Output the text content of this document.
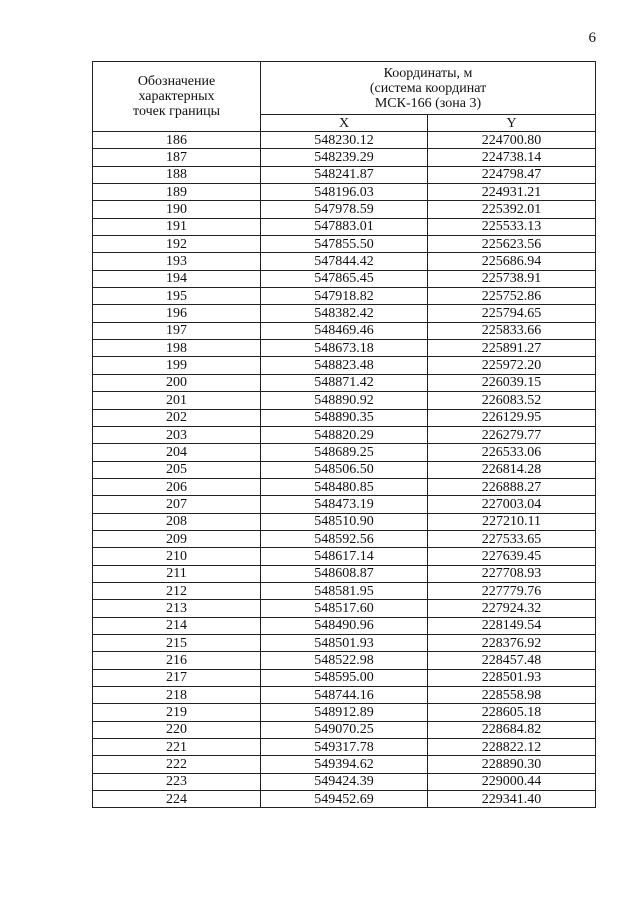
6
Обозначение
характерных
точек границы	Координаты, м
(система координат
МСК-166 (зона 3)	
	X	Y
186	548230.12	224700.80
187	548239.29	224738.14
188	548241.87	224798.47
189	548196.03	224931.21
190	547978.59	225392.01
191	547883.01	225533.13
192	547855.50	225623.56
193	547844.42	225686.94
194	547865.45	225738.91
195	547918.82	225752.86
196	548382.42	225794.65
197	548469.46	225833.66
198	548673.18	225891.27
199	548823.48	225972.20
200	548871.42	226039.15
201	548890.92	226083.52
202	548890.35	226129.95
203	548820.29	226279.77
204	548689.25	226533.06
205	548506.50	226814.28
206	548480.85	226888.27
207	548473.19	227003.04
208	548510.90	227210.11
209	548592.56	227533.65
210	548617.14	227639.45
211	548608.87	227708.93
212	548581.95	227779.76
213	548517.60	227924.32
214	548490.96	228149.54
215	548501.93	228376.92
216	548522.98	228457.48
217	548595.00	228501.93
218	548744.16	228558.98
219	548912.89	228605.18
220	549070.25	228684.82
221	549317.78	228822.12
222	549394.62	228890.30
223	549424.39	229000.44
224	549452.69	229341.40
